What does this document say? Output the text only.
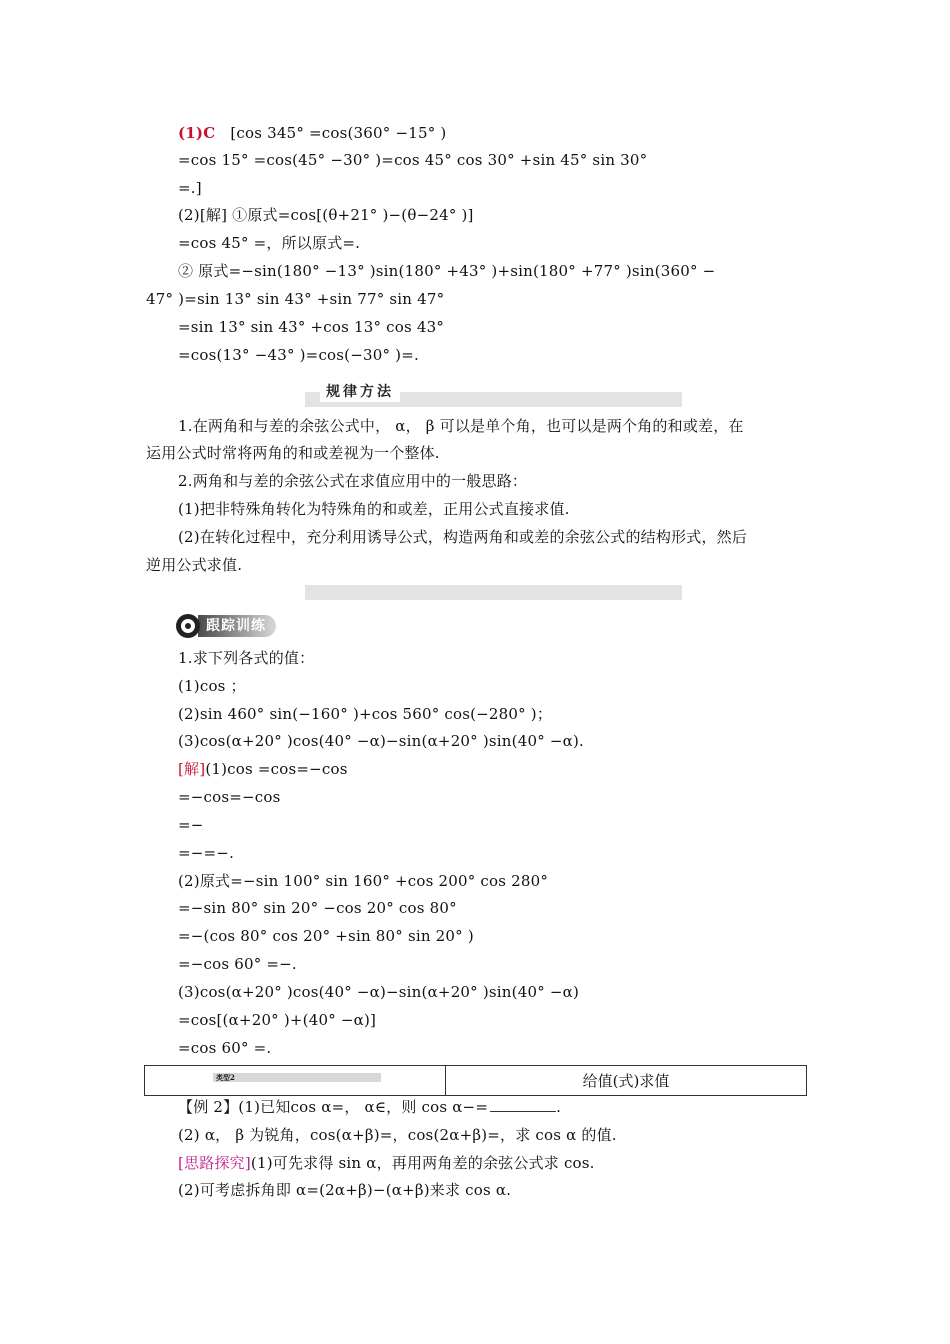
(1)C [cos 345° =cos(360° −15° )
=cos 15° =cos(45° −30° )=cos 45° cos 30° +sin 45° sin 30°
=.]
(2)[解] ①原式=cos[(θ+21° )−(θ−24° )]
=cos 45° =，所以原式=.
② 原式=−sin(180° −13° )sin(180° +43° )+sin(180° +77° )sin(360° −
47° )=sin 13° sin 43° +sin 77° sin 47°
=sin 13° sin 43° +cos 13° cos 43°
=cos(13° −43° )=cos(−30° )=.
规律方法
1.在两角和与差的余弦公式中， α， β 可以是单个角，也可以是两个角的和或差，在
运用公式时常将两角的和或差视为一个整体.
2.两角和与差的余弦公式在求值应用中的一般思路：
(1)把非特殊角转化为特殊角的和或差，正用公式直接求值.
(2)在转化过程中，充分利用诱导公式，构造两角和或差的余弦公式的结构形式，然后
逆用公式求值.
跟踪训练
1.求下列各式的值：
(1)cos ；
(2)sin 460° sin(−160° )+cos 560° cos(−280° )；
(3)cos(α+20° )cos(40° −α)−sin(α+20° )sin(40° −α).
[解](1)cos =cos=−cos
=−cos=−cos
=−
=−=−.
(2)原式=−sin 100° sin 160° +cos 200° cos 280°
=−sin 80° sin 20° −cos 20° cos 80°
=−(cos 80° cos 20° +sin 80° sin 20° )
=−cos 60° =−.
(3)cos(α+20° )cos(40° −α)−sin(α+20° )sin(40° −α)
=cos[(α+20° )+(40° −α)]
=cos 60° =.
类型2	给值(式)求值
【例 2】(1)已知cos α=， α∈，则 cos α−=	.
(2) α， β 为锐角，cos(α+β)=，cos(2α+β)=，求 cos α 的值.
[思路探究](1)可先求得 sin α，再用两角差的余弦公式求 cos.
(2)可考虑拆角即 α=(2α+β)−(α+β)来求 cos α.
